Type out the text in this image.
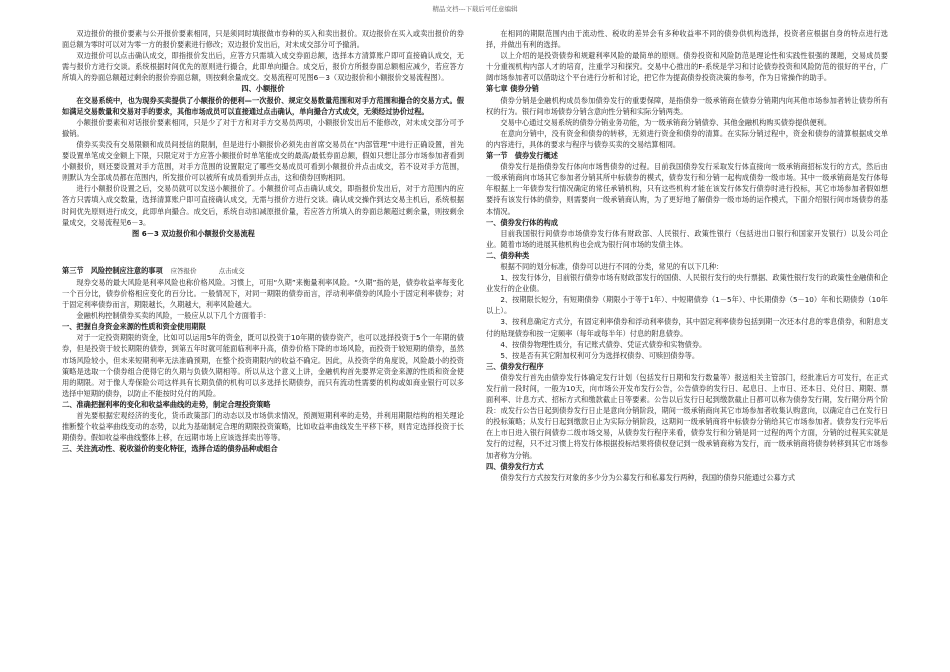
精品文档---下载后可任意编辑

双边报价的报价要素与公开报价要素相同，只是须同时填报做市券种的买入和卖出报价。双边报价在买入或卖出报价的券面总额为零时可以对为零一方的报价要素进行修改；双边报价发出后，对未成交部分可予撤消。

双边报价可以点击确认成交，即指报价发出后，应答方只需填入成交券面总额，选择本方清算账户即可直接确认成交，无需与报价方进行交谈。系统根据时间优先的原则进行撮合，此即单向撮合。成交后，报价方所报券面总额相应减少，若应答方所填入的券面总额超过剩余的报价券面总额，则按剩余量成交。交易流程可见图6－3（双边报价和小额报价交易流程图）。

四、小额报价

在交易系统中，也为现券买卖提供了小额报价的便利—一次报价、规定交易数量范围和对手方范围和撮合的交易方式。假如满足交易数量和交易对手的要求，其他市场成员可以直接通过点击确认，单向撮合方式成交，无须经过协价过程。

小额报价要素和对话报价要素相同，只是少了对于方和对手方交易员两项，小额报价发出后不能修改，对未成交部分可予撤销。

债券买卖没有交易限额和成员间授信的限制，但是进行小额报价必须先由首席交易员在“内部管理”中进行正确设置，首先要设置单笔成交金额上下限，只限定对于方应答小额报价时单笔能成交的最高/最低券面总额，假如只想让部分市场参加者看到小额报价，则还要设置对手方范围，对手方范围的设置限定了哪些交易成员可看到小额报价并点击成交，若不设对手方范围，则默认为全部成员都在范围内，所发报价可以被所有成员看到并点击，这和债券回购相同。

进行小额报价设置之后，交易员就可以发送小额报价了。小额报价可点击确认成交，即指报价发出后，对于方范围内的应答方只需填入成交数量，选择清算账户即可直接确认成交，无需与报价方进行交谈。确认成交操作到达交易主机后，系统根据时间优先原则进行成交，此即单向撮合。成交后，系统自动扣减原报价量，若应答方所填入的券面总额超过剩余量，则按剩余量成交，交易流程见6－3。

图 6－3 双边报价和小额报价交易流程

第三节　风险控制应注意的事项 应答报价	点击成交

现券交易的最大风险是利率风险也称价格风险。习惯上，可用“久期”来衡量利率风险。“久期”指的是，债券收益率每变化一个百分比，债券价格相应变化的百分比。一般情况下，对同一期限的债券而言，浮动利率债券的风险小于固定利率债券；对于固定利率债券而言，期限越长，久期越大，利率风险越大。

金融机构控制债券买卖的风险，一般应从以下几个方面着手：

一、把握自身资金来源的性质和资金使用期限

对于一定投资期限的资金，比如可以运用5年的资金，既可以投资于10年期的债券资产，也可以选择投资于5个一年期的债券，但是投资于较长期限的债券，到第五年时就可能面临利率升高，债券价格下降的市场风险，而投资于较短期的债券，虽然市场风险较小，但未来短期利率无法准确预期，在整个投资期限内的收益不确定。因此，从投资学的角度说，风险最小的投资策略是选取一个债券组合使得它的久期与负债久期相等。所以从这个意义上讲，金融机构首先要界定资金来源的性质和资金使用的期限。对于像人寿保险公司这样具有长期负债的机构可以多选择长期债券，而只有流动性需要的机构或如商业银行可以多选择中短期的债券，以防止不能按时兑付的风险。

二、准确把握利率的变化和收益率曲线的走势，制定合理投资策略

首先要根据宏观经济的变化，货币政策部门的动态以及市场供求情况，预测短期利率的走势，并利用期限结构的相关理论推断整个收益率曲线变动的态势，以此为基础制定合理的期限投资策略，比如收益率曲线发生平移下移，则肯定选择投资于长期债券。假如收益率曲线整体上移，在远期市场上应该选择卖出等等。

三、关注流动性、税收溢价的变化特征，选择合适的债券品种或组合

在相同的期限范围内由于流动性、税收的差异会有多种收益率不同的债券供机构选择，投资者应根据自身的特点进行选择，并做出有利的选择。

以上介绍的是投资债券和规避利率风险的最简单的原则。债券投资和风险防范是理论性和实践性很强的课题，交易成员要十分重视机构内部人才的培育，注重学习和探究。交易中心推出的F-系统是学习和讨论债券投资和风险防范的很好的平台，广阔市场参加者可以借助这个平台进行分析和讨论，把它作为提高债券投资决策的参考，作为日常操作的助手。

第七章 债券分销

债券分销是金融机构成员参加债券发行的重要保障，是指债券一级承销商在债券分销期内向其他市场参加者转让债券所有权的行为。银行间市场债券分销含意向性分销和实际分销两类。

交易中心通过交易系统的债券分销业务功能，为一级承销商分销债券、其他金融机构购买债券提供便利。

在意向分销中，没有资金和债券的转移，无须进行资金和债券的清算。在实际分销过程中，资金和债券的清算根据成交单的内容进行，具体的要求与程序与债券买卖的交易结算相同。

第一节　债券发行概述

债券发行是指债券发行体向市场售债券的过程。目前我国债券发行采取发行体直接向一级承销商招标发行的方式，然后由一级承销商向市场其它参加者分销其所中标债券的模式，债券发行和分销一起构成债券一级市场。其中一级承销商是发行体每年根据上一年债券发行情况确定的常任承销机构，只有这些机构才能在该发行体发行债券时进行投标，其它市场参加者假如想要持有该发行体的债券，则需要向一级承销商认购，为了更好地了解债券一级市场的运作模式，下面介绍银行间市场债券的基本情况。

一、债券发行体的构成

目前我国银行间债券市场债券发行体有财政部、人民银行、政策性银行（包括进出口银行和国家开发银行）以及公司企业。随着市场的进展其他机构也会成为银行间市场的发债主体。

二、债券种类

根据不同的划分标准，债券可以进行不同的分类，常见的有以下几种：

1、按发行体分，目前银行债券市场有财政部发行的国债、人民银行发行的央行票据、政策性银行发行的政策性金融债和企业发行的企业债。

2、按期限长短分，有短期债券（期限小于等于1年）、中短期债券（1－5年）、中长期债券（5－10）年和长期债券（10年以上）。

3、按利息确定方式分，有固定利率债券和浮动利率债券，其中固定利率债券包括到期一次还本付息的零息债券，和附息支付的贴现债券和按一定频率（每年或每半年）付息的附息债券。

4、按债券物理性质分，有记账式债券、凭证式债券和实物债券。

5、按是否有其它附加权利可分为选择权债券、可赎回债券等。

三、债券发行程序

债券发行首先由债券发行体确定发行计划（包括发行日期和发行数量等）报送相关主管部门，经批准后方可发行，在正式发行前一段时间，一般为10天，向市场公开发布发行公告，公告债券的发行日、起息日、上市日、还本日、兑付日、期限、票面利率、计息方式、招标方式和缴款截止日等要素。公告以后发行日起到缴款截止日都可以称为债券发行期，发行期分两个阶段：成发行公告日起到债券发行日止是意向分销阶段，期间一级承销商向其它市场参加者收集认购意向，以确定自己在发行日的投标策略；从发行日起到缴款日止为实际分销阶段，这期间一级承销商将中标债券分销给其它市场参加者。债券发行完毕后在上市日进入银行间债券二级市场交易，从债券发行程序来看，债券发行和分销是同一过程的两个方面，分销的过程其实就是发行的过程，只不过习惯上将发行体根据投标结果将债权登记到一级承销商称为发行，而一级承销商将债券转移到其它市场参加者称为分销。

四、债券发行方式

债券发行方式按发行对象的多少分为公募发行和私募发行两种，我国的债券只能通过公募方式
